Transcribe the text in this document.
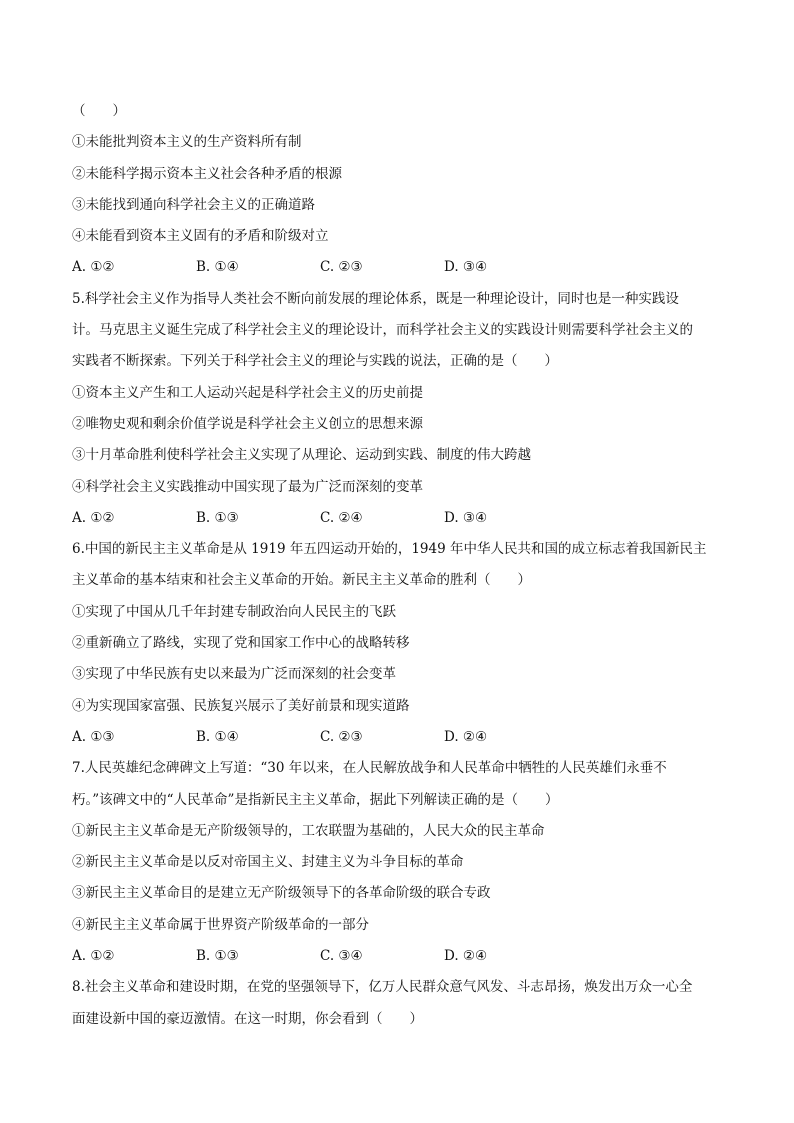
（　　）
①未能批判资本主义的生产资料所有制
②未能科学揭示资本主义社会各种矛盾的根源
③未能找到通向科学社会主义的正确道路
④未能看到资本主义固有的矛盾和阶级对立
A. ①②	B. ①④	C. ②③	D. ③④
5.科学社会主义作为指导人类社会不断向前发展的理论体系，既是一种理论设计，同时也是一种实践设
计。马克思主义诞生完成了科学社会主义的理论设计，而科学社会主义的实践设计则需要科学社会主义的
实践者不断探索。下列关于科学社会主义的理论与实践的说法，正确的是（　　）
①资本主义产生和工人运动兴起是科学社会主义的历史前提
②唯物史观和剩余价值学说是科学社会主义创立的思想来源
③十月革命胜利使科学社会主义实现了从理论、运动到实践、制度的伟大跨越
④科学社会主义实践推动中国实现了最为广泛而深刻的变革
A. ①②	B. ①③	C. ②④	D. ③④
6.中国的新民主主义革命是从 1919 年五四运动开始的，1949 年中华人民共和国的成立标志着我国新民主
主义革命的基本结束和社会主义革命的开始。新民主主义革命的胜利（　　）
①实现了中国从几千年封建专制政治向人民民主的飞跃
②重新确立了路线，实现了党和国家工作中心的战略转移
③实现了中华民族有史以来最为广泛而深刻的社会变革
④为实现国家富强、民族复兴展示了美好前景和现实道路
A. ①③	B. ①④	C. ②③	D. ②④
7.人民英雄纪念碑碑文上写道：“30 年以来，在人民解放战争和人民革命中牺牲的人民英雄们永垂不
朽。”该碑文中的“人民革命”是指新民主主义革命，据此下列解读正确的是（　　）
①新民主主义革命是无产阶级领导的，工农联盟为基础的，人民大众的民主革命
②新民主主义革命是以反对帝国主义、封建主义为斗争目标的革命
③新民主主义革命目的是建立无产阶级领导下的各革命阶级的联合专政
④新民主主义革命属于世界资产阶级革命的一部分
A. ①②	B. ①③	C. ③④	D. ②④
8.社会主义革命和建设时期，在党的坚强领导下，亿万人民群众意气风发、斗志昂扬，焕发出万众一心全
面建设新中国的豪迈激情。在这一时期，你会看到（　　）
